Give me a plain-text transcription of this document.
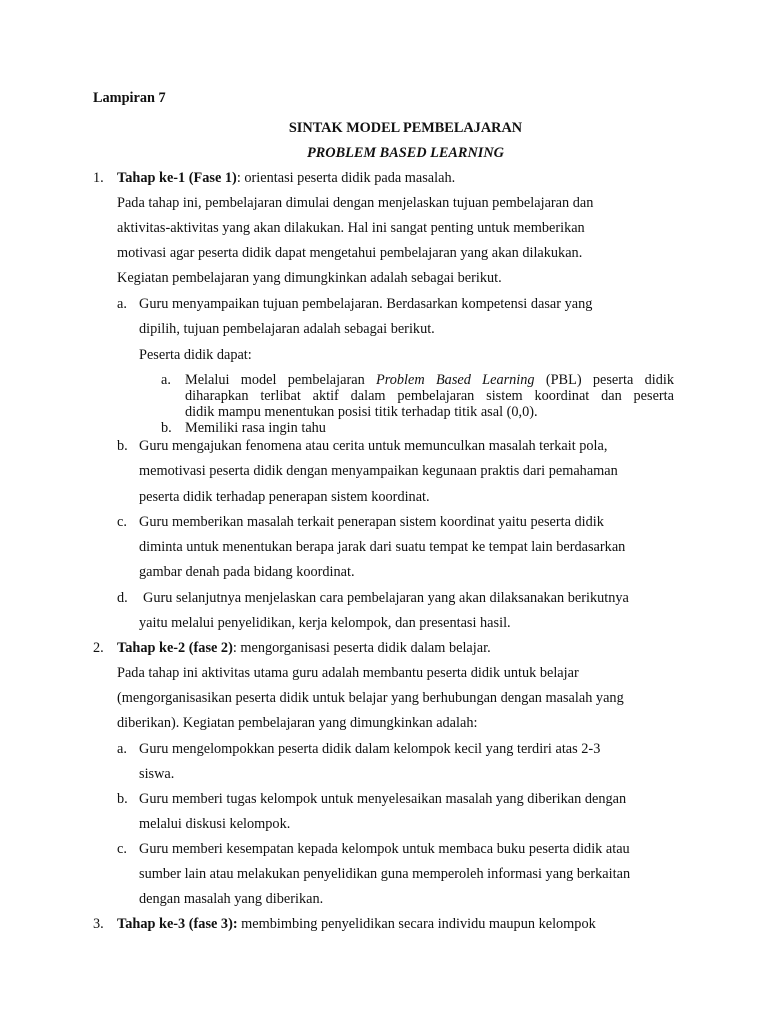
Lampiran 7
SINTAK MODEL PEMBELAJARAN
PROBLEM BASED LEARNING
1. Tahap ke-1 (Fase 1): orientasi peserta didik pada masalah.
Pada tahap ini, pembelajaran dimulai dengan menjelaskan tujuan pembelajaran dan
aktivitas-aktivitas yang akan dilakukan. Hal ini sangat penting untuk memberikan
motivasi agar peserta didik dapat mengetahui pembelajaran yang akan dilakukan.
Kegiatan pembelajaran yang dimungkinkan adalah sebagai berikut.
a. Guru menyampaikan tujuan pembelajaran. Berdasarkan kompetensi dasar yang
dipilih, tujuan pembelajaran adalah sebagai berikut.
Peserta didik dapat:
a. Melalui model pembelajaran Problem Based Learning (PBL) peserta didik
diharapkan terlibat aktif dalam pembelajaran sistem koordinat dan peserta
didik mampu menentukan posisi titik terhadap titik asal (0,0).
b. Memiliki rasa ingin tahu
b. Guru mengajukan fenomena atau cerita untuk memunculkan masalah terkait pola,
memotivasi peserta didik dengan menyampaikan kegunaan praktis dari pemahaman
peserta didik terhadap penerapan sistem koordinat.
c. Guru memberikan masalah terkait penerapan sistem koordinat yaitu peserta didik
diminta untuk menentukan berapa jarak dari suatu tempat ke tempat lain berdasarkan
gambar denah pada bidang koordinat.
d. Guru selanjutnya menjelaskan cara pembelajaran yang akan dilaksanakan berikutnya
yaitu melalui penyelidikan, kerja kelompok, dan presentasi hasil.
2. Tahap ke-2 (fase 2): mengorganisasi peserta didik dalam belajar.
Pada tahap ini aktivitas utama guru adalah membantu peserta didik untuk belajar
(mengorganisasikan peserta didik untuk belajar yang berhubungan dengan masalah yang
diberikan). Kegiatan pembelajaran yang dimungkinkan adalah:
a. Guru mengelompokkan peserta didik dalam kelompok kecil yang terdiri atas 2-3
siswa.
b. Guru memberi tugas kelompok untuk menyelesaikan masalah yang diberikan dengan
melalui diskusi kelompok.
c. Guru memberi kesempatan kepada kelompok untuk membaca buku peserta didik atau
sumber lain atau melakukan penyelidikan guna memperoleh informasi yang berkaitan
dengan masalah yang diberikan.
3. Tahap ke-3 (fase 3): membimbing penyelidikan secara individu maupun kelompok
